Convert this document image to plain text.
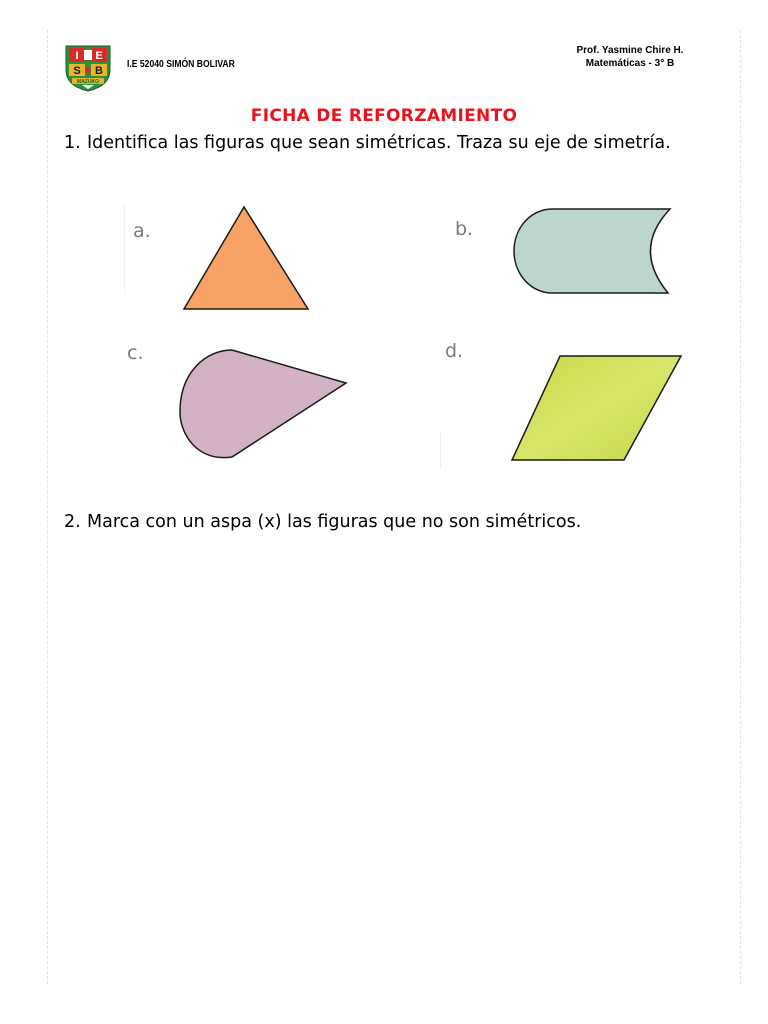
I E
S B
MAZUKO
I.E 52040 SIMÓN BOLIVAR
Prof. Yasmine Chire H.
Matemáticas - 3° B
FICHA DE REFORZAMIENTO
1. Identifica las figuras que sean simétricas. Traza su eje de simetría.
a.	b.
c.	d.
2. Marca con un aspa (x) las figuras que no son simétricos.
